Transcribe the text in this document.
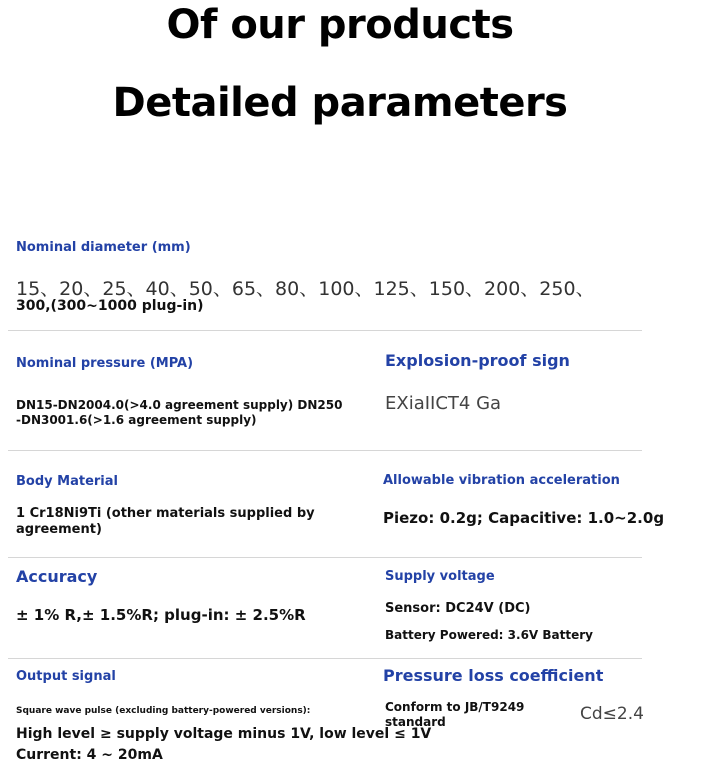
Of our products
Detailed parameters
Nominal diameter (mm)
15、20、25、40、50、65、80、100、125、150、200、250、
300,(300~1000 plug-in)
Nominal pressure (MPA)
DN15-DN2004.0(>4.0 agreement supply) DN250
-DN3001.6(>1.6 agreement supply)
Explosion-proof sign
EXiaIICT4 Ga
Body Material
1 Cr18Ni9Ti (other materials supplied by
agreement)
Allowable vibration acceleration
Piezo: 0.2g; Capacitive: 1.0~2.0g
Accuracy
± 1% R,± 1.5%R; plug-in: ± 2.5%R
Supply voltage
Sensor: DC24V (DC)
Battery Powered: 3.6V Battery
Output signal
Square wave pulse (excluding battery-powered versions):
High level ≥ supply voltage minus 1V, low level ≤ 1V
Current: 4 ~ 20mA
Pressure loss coefficient
Conform to JB/T9249
standard	Cd≤2.4
